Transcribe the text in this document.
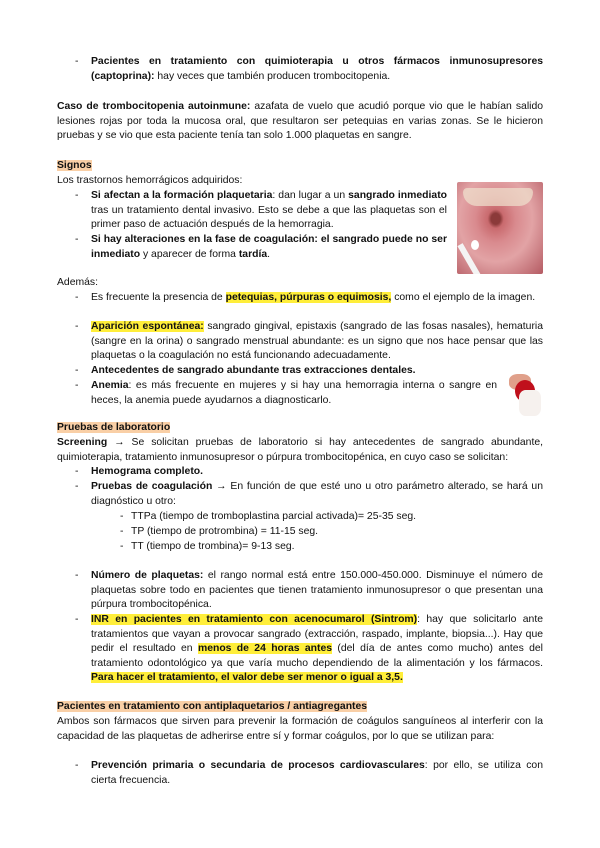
- Pacientes en tratamiento con quimioterapia u otros fármacos inmunosupresores (captoprina): hay veces que también producen trombocitopenia.
Caso de trombocitopenia autoinmune: azafata de vuelo que acudió porque vio que le habían salido lesiones rojas por toda la mucosa oral, que resultaron ser petequias en varias zonas. Se le hicieron pruebas y se vio que esta paciente tenía tan solo 1.000 plaquetas en sangre.
Signos
Los trastornos hemorrágicos adquiridos:
- Si afectan a la formación plaquetaria: dan lugar a un sangrado inmediato tras un tratamiento dental invasivo. Esto se debe a que las plaquetas son el primer paso de actuación después de la hemorragia.
- Si hay alteraciones en la fase de coagulación: el sangrado puede no ser inmediato y aparecer de forma tardía.
Además:
- Es frecuente la presencia de petequias, púrpuras o equimosis, como el ejemplo de la imagen.
- Aparición espontánea: sangrado gingival, epistaxis (sangrado de las fosas nasales), hematuria (sangre en la orina) o sangrado menstrual abundante: es un signo que nos hace pensar que las plaquetas o la coagulación no está funcionando adecuadamente.
- Antecedentes de sangrado abundante tras extracciones dentales.
- Anemia: es más frecuente en mujeres y si hay una hemorragia interna o sangre en heces, la anemia puede ayudarnos a diagnosticarlo.
Pruebas de laboratorio
Screening → Se solicitan pruebas de laboratorio si hay antecedentes de sangrado abundante, quimioterapia, tratamiento inmunosupresor o púrpura trombocitopénica, en cuyo caso se solicitan:
- Hemograma completo.
- Pruebas de coagulación → En función de que esté uno u otro parámetro alterado, se hará un diagnóstico u otro:
- TTPa (tiempo de tromboplastina parcial activada)= 25-35 seg.
- TP (tiempo de protrombina) = 11-15 seg.
- TT (tiempo de trombina)= 9-13 seg.
- Número de plaquetas: el rango normal está entre 150.000-450.000. Disminuye el número de plaquetas sobre todo en pacientes que tienen tratamiento inmunosupresor o que presentan una púrpura trombocitopénica.
- INR en pacientes en tratamiento con acenocumarol (Sintrom): hay que solicitarlo ante tratamientos que vayan a provocar sangrado (extracción, raspado, implante, biopsia...). Hay que pedir el resultado en menos de 24 horas antes (del día de antes como mucho) antes del tratamiento odontológico ya que varía mucho dependiendo de la alimentación y los fármacos. Para hacer el tratamiento, el valor debe ser menor o igual a 3,5.
Pacientes en tratamiento con antiplaquetarios / antiagregantes
Ambos son fármacos que sirven para prevenir la formación de coágulos sanguíneos al interferir con la capacidad de las plaquetas de adherirse entre sí y formar coágulos, por lo que se utilizan para:
- Prevención primaria o secundaria de procesos cardiovasculares: por ello, se utiliza con cierta frecuencia.
